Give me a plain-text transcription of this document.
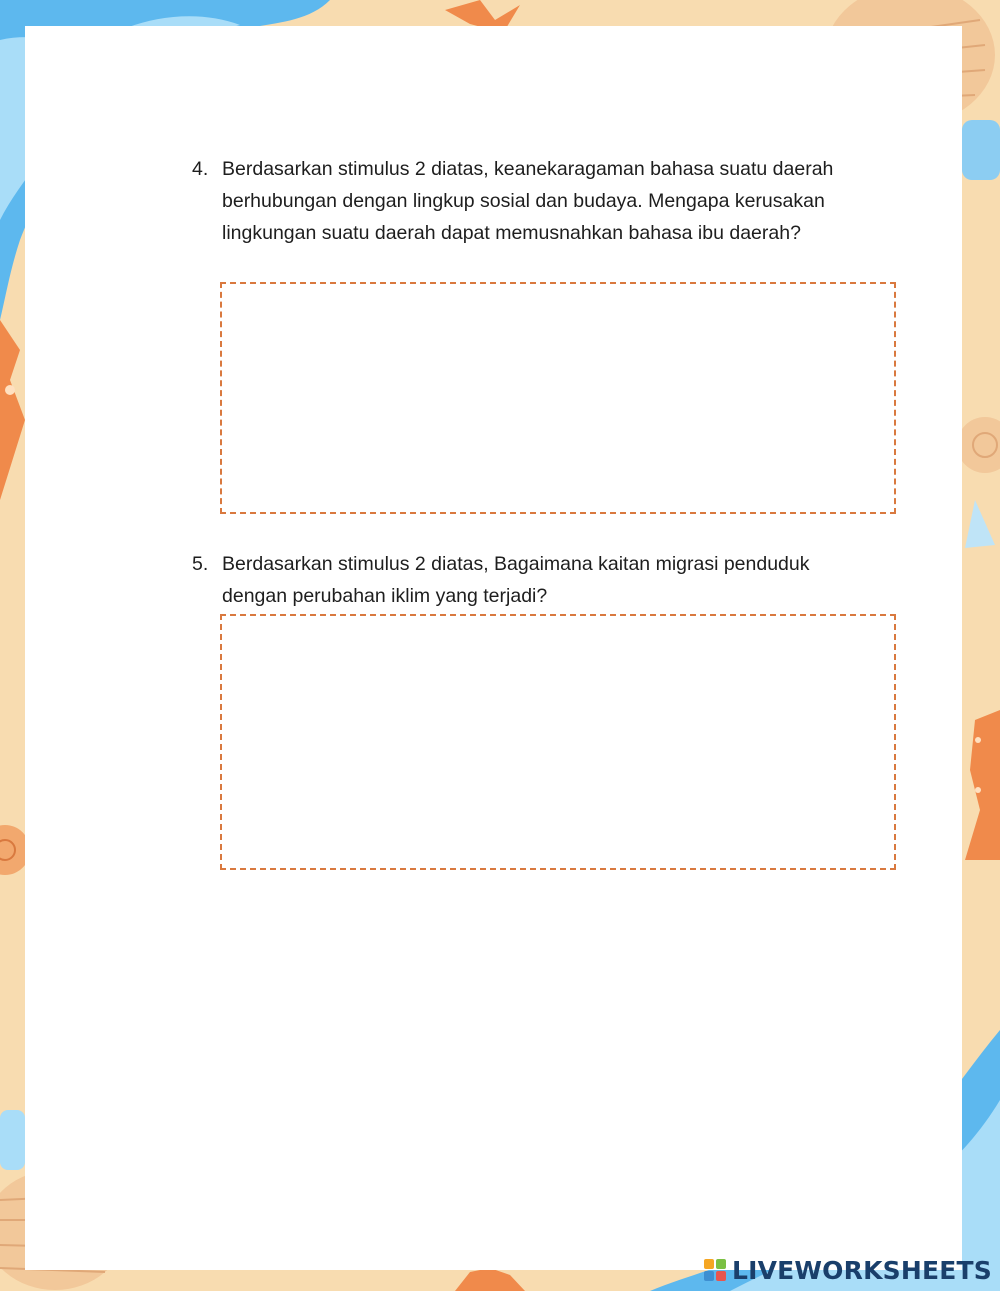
4. Berdasarkan stimulus 2 diatas, keanekaragaman bahasa suatu daerah berhubungan dengan lingkup sosial dan budaya. Mengapa kerusakan lingkungan suatu daerah dapat memusnahkan bahasa ibu daerah?
5. Berdasarkan stimulus 2 diatas, Bagaimana kaitan migrasi penduduk dengan perubahan iklim yang terjadi?
LIVEWORKSHEETS
